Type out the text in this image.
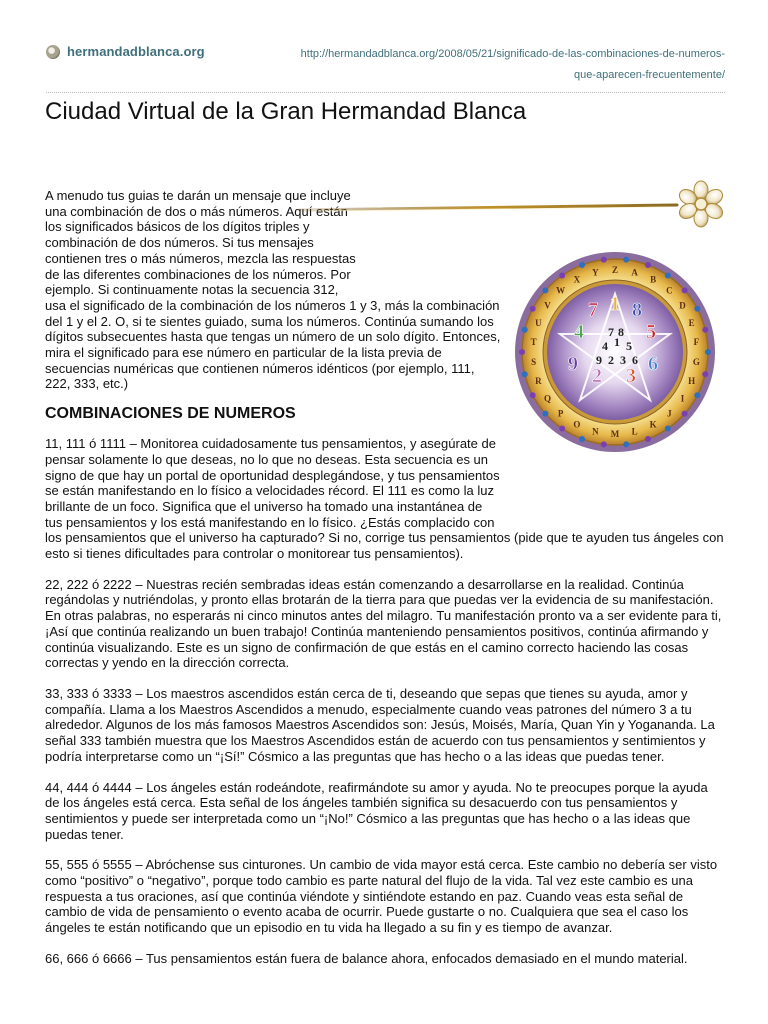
hermandadblanca.org	http://hermandadblanca.org/2008/05/21/significado-de-las-combinaciones-de-numeros-
que-aparecen-frecuentemente/
Ciudad Virtual de la Gran Hermandad Blanca
Z A
B
C
D
E
F
G
H
I
J
K
L
M
N
O
P
Q
R
S
T
U
V
W
X
Y
7 1 8
4	5
9
2 3
6
4 1 5
9 2 3 6
7 8

A menudo tus guias te darán un mensaje que incluye una combinación de dos o más números. Aquí están los significados básicos de los dígitos triples y combinación de dos números. Si tus mensajes contienen tres o más números, mezcla las respuestas de las diferentes combinaciones de los números. Por ejemplo. Si continuamente notas la secuencia 312, usa el significado de la combinación de los números 1 y 3, más la combinación del 1 y el 2. O, si te sientes guiado, suma los números. Continúa sumando los dígitos subsecuentes hasta que tengas un número de un solo dígito. Entonces, mira el significado para ese número en particular de la lista previa de secuencias numéricas que contienen números idénticos (por ejemplo, 111, 222, 333, etc.)

COMBINACIONES DE NUMEROS

11, 111 ó 1111 – Monitorea cuidadosamente tus pensamientos, y asegúrate de pensar solamente lo que deseas, no lo que no deseas. Esta secuencia es un signo de que hay un portal de oportunidad desplegándose, y tus pensamientos se están manifestando en lo físico a velocidades récord. El 111 es como la luz brillante de un foco. Significa que el universo ha tomado una instantánea de tus pensamientos y los está manifestando en lo físico. ¿Estás complacido con los pensamientos que el universo ha capturado? Si no, corrige tus pensamientos (pide que te ayuden tus ángeles con esto si tienes dificultades para controlar o monitorear tus pensamientos).

22, 222 ó 2222 – Nuestras recién sembradas ideas están comenzando a desarrollarse en la realidad. Continúa regándolas y nutriéndolas, y pronto ellas brotarán de la tierra para que puedas ver la evidencia de su manifestación. En otras palabras, no esperarás ni cinco minutos antes del milagro. Tu manifestación pronto va a ser evidente para ti, ¡Así que continúa realizando un buen trabajo! Continúa manteniendo pensamientos positivos, continúa afirmando y continúa visualizando. Este es un signo de confirmación de que estás en el camino correcto haciendo las cosas correctas y yendo en la dirección correcta.

33, 333 ó 3333 – Los maestros ascendidos están cerca de ti, deseando que sepas que tienes su ayuda, amor y compañía. Llama a los Maestros Ascendidos a menudo, especialmente cuando veas patrones del número 3 a tu alrededor. Algunos de los más famosos Maestros Ascendidos son: Jesús, Moisés, María, Quan Yin y Yogananda. La señal 333 también muestra que los Maestros Ascendidos están de acuerdo con tus pensamientos y sentimientos y podría interpretarse como un “¡Sí!” Cósmico a las preguntas que has hecho o a las ideas que puedas tener.

44, 444 ó 4444 – Los ángeles están rodeándote, reafirmándote su amor y ayuda. No te preocupes porque la ayuda de los ángeles está cerca. Esta señal de los ángeles también significa su desacuerdo con tus pensamientos y sentimientos y puede ser interpretada como un “¡No!” Cósmico a las preguntas que has hecho o a las ideas que puedas tener.

55, 555 ó 5555 – Abróchense sus cinturones. Un cambio de vida mayor está cerca. Este cambio no debería ser visto como “positivo” o “negativo”, porque todo cambio es parte natural del flujo de la vida. Tal vez este cambio es una respuesta a tus oraciones, así que continúa viéndote y sintiéndote estando en paz. Cuando veas esta señal de cambio de vida de pensamiento o evento acaba de ocurrir. Puede gustarte o no. Cualquiera que sea el caso los ángeles te están notificando que un episodio en tu vida ha llegado a su fin y es tiempo de avanzar.

66, 666 ó 6666 – Tus pensamientos están fuera de balance ahora, enfocados demasiado en el mundo material.
